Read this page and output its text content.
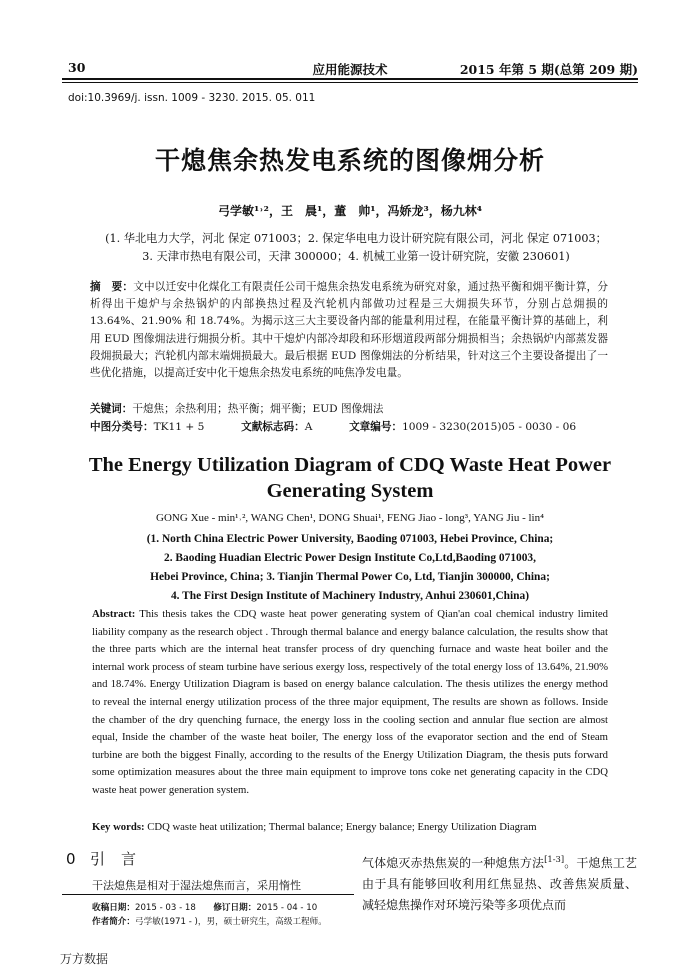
30	应用能源技术	2015 年第 5 期(总第 209 期)
doi:10.3969/j. issn. 1009 - 3230. 2015. 05. 011
干熄焦余热发电系统的图像㶲分析
弓学敏¹˒²，王　晨¹，董　帅¹，冯娇龙³，杨九林⁴
(1. 华北电力大学，河北 保定 071003；2. 保定华电电力设计研究院有限公司，河北 保定 071003；
3. 天津市热电有限公司，天津 300000；4. 机械工业第一设计研究院，安徽 230601)
摘　要：文中以迁安中化煤化工有限责任公司干熄焦余热发电系统为研究对象，通过热平衡和㶲平衡计算，分析得出干熄炉与余热锅炉的内部换热过程及汽轮机内部做功过程是三大㶲损失环节，分别占总㶲损的 13.64%、21.90% 和 18.74%。为揭示这三大主要设备内部的能量利用过程，在能量平衡计算的基础上，利用 EUD 图像㶲法进行㶲损分析。其中干熄炉内部冷却段和环形烟道段两部分㶲损相当；余热锅炉内部蒸发器段㶲损最大；汽轮机内部末端㶲损最大。最后根据 EUD 图像㶲法的分析结果，针对这三个主要设备提出了一些优化措施，以提高迁安中化干熄焦余热发电系统的吨焦净发电量。
关键词：干熄焦；余热利用；热平衡；㶲平衡；EUD 图像㶲法
中图分类号：TK11 + 5	文献标志码：A	文章编号：1009 - 3230(2015)05 - 0030 - 06
The Energy Utilization Diagram of CDQ Waste Heat Power Generating System
GONG Xue - min¹˒², WANG Chen¹, DONG Shuai¹, FENG Jiao - long³, YANG Jiu - lin⁴
(1. North China Electric Power University, Baoding 071003, Hebei Province, China;
2. Baoding Huadian Electric Power Design Institute Co,Ltd,Baoding 071003,
Hebei Province, China; 3. Tianjin Thermal Power Co, Ltd, Tianjin 300000, China;
4. The First Design Institute of Machinery Industry, Anhui 230601,China)
Abstract: This thesis takes the CDQ waste heat power generating system of Qian'an coal chemical industry limited liability company as the research object . Through thermal balance and energy balance calculation, the results show that the three parts which are the internal heat transfer process of dry quenching furnace and waste heat boiler and the internal work process of steam turbine have serious exergy loss, respectively of the total energy loss of 13.64%, 21.90% and 18.74%. Energy Utilization Diagram is based on energy balance calculation. The thesis utilizes the energy method to reveal the internal energy utilization process of the three major equipment, The results are shown as follows. Inside the chamber of the dry quenching furnace, the energy loss in the cooling section and annular flue section are almost equal, Inside the chamber of the waste heat boiler, The energy loss of the evaporator section and the end of Steam turbine are both the biggest Finally, according to the results of the Energy Utilization Diagram, the thesis puts forward some optimization measures about the three main equipment to improve tons coke net generating capacity in the CDQ waste heat power generation system.
Key words: CDQ waste heat utilization; Thermal balance; Energy balance; Energy Utilization Diagram
0 引　言
干法熄焦是相对于湿法熄焦而言，采用惰性
气体熄灭赤热焦炭的一种熄焦方法[1-3]。干熄焦工艺由于具有能够回收利用红焦显热、改善焦炭质量、减轻熄焦操作对环境污染等多项优点而
收稿日期：2015 - 03 - 18 修订日期：2015 - 04 - 10
作者简介：弓学敏(1971 - )，男，硕士研究生，高级工程师。
万方数据
